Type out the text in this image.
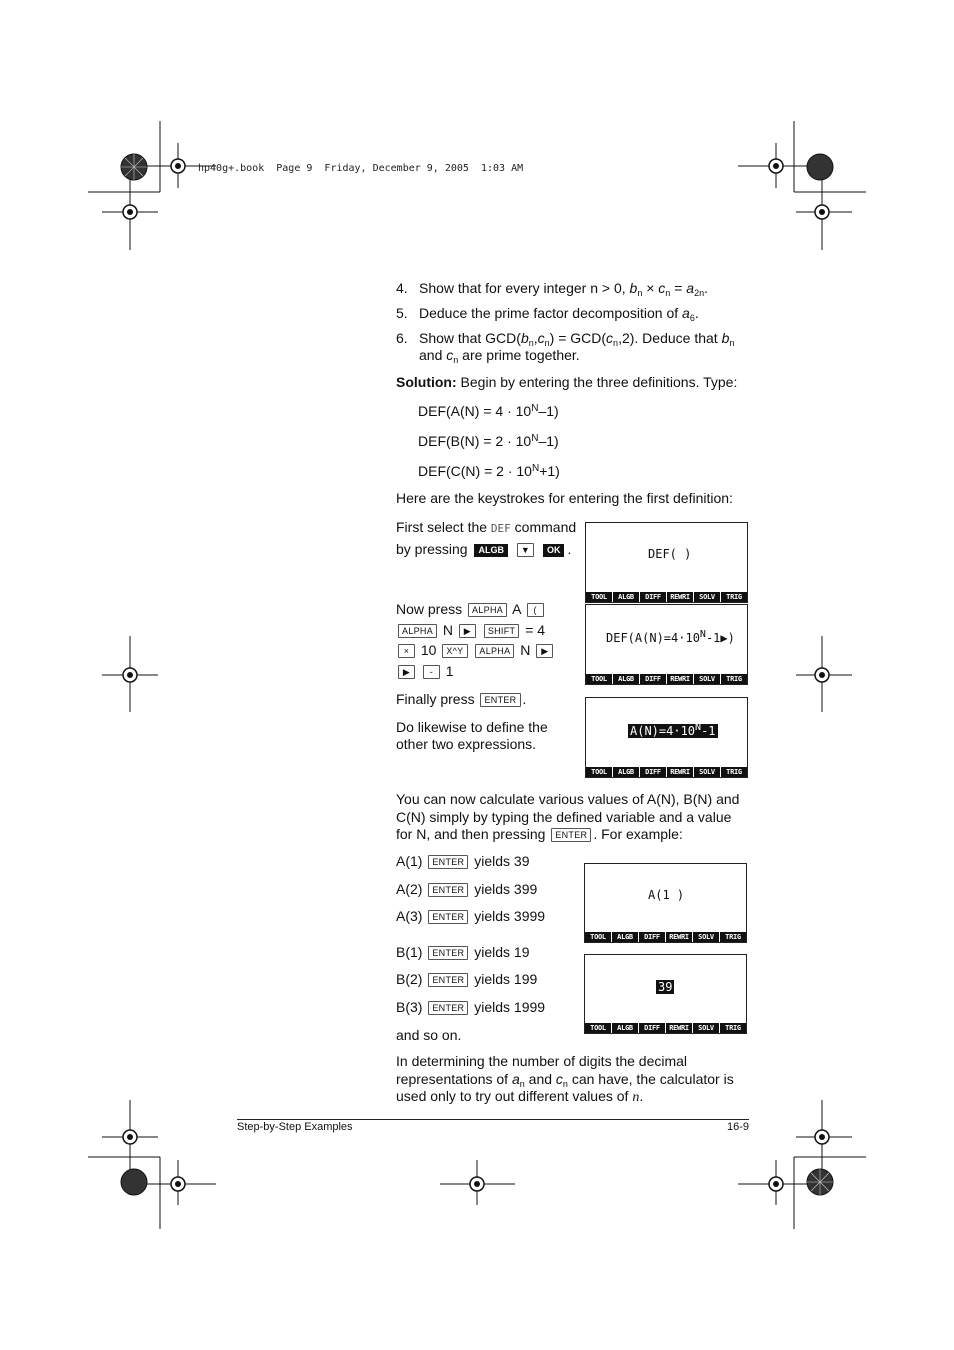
hp40g+.book  Page 9  Friday, December 9, 2005  1:03 AM
4. Show that for every integer n > 0, $b_n \times c_n = a_{2n}$.
5. Deduce the prime factor decomposition of $a_6$.
6. Show that $GCD(b_n,c_n) = GCD(c_n,2)$. Deduce that $b_n$
and $c_n$ are prime together.
Solution: Begin by entering the three definitions. Type:
$DEF(A(N) = 4 \cdot 10^N-1)$
$DEF(B(N) = 2 \cdot 10^N-1)$
$DEF(C(N) = 2 \cdot 10^N+1)$
Here are the keystrokes for entering the first definition:
First select the DEF command
by pressing ALGB ▼ OK .
Now press ALPHA A (
ALPHA N ▶ SHIFT = 4
× 10 X^Y ALPHA N ▶
▶ - 1
Finally press ENTER .
Do likewise to define the other two expressions.
DEF( )
TOOL	ALGB	DIFF	REWRI	SOLV	TRIG
$DEF(A(N)=4\cdot 10^N-1▶)$
TOOL	ALGB	DIFF	REWRI	SOLV	TRIG
$A(N)=4\cdot 10^N-1$
TOOL	ALGB	DIFF	REWRI	SOLV	TRIG
You can now calculate various values of A(N), B(N) and C(N) simply by typing the defined variable and a value for N, and then pressing ENTER . For example:
A(1) ENTER yields 39
A(2) ENTER yields 399
A(3) ENTER yields 3999
B(1) ENTER yields 19
B(2) ENTER yields 199
B(3) ENTER yields 1999
and so on.
A(1 )
TOOL	ALGB	DIFF	REWRI	SOLV	TRIG
39
TOOL	ALGB	DIFF	REWRI	SOLV	TRIG
In determining the number of digits the decimal representations of $a_n$ and $c_n$ can have, the calculator is used only to try out different values of n.
Step-by-Step Examples	16-9
